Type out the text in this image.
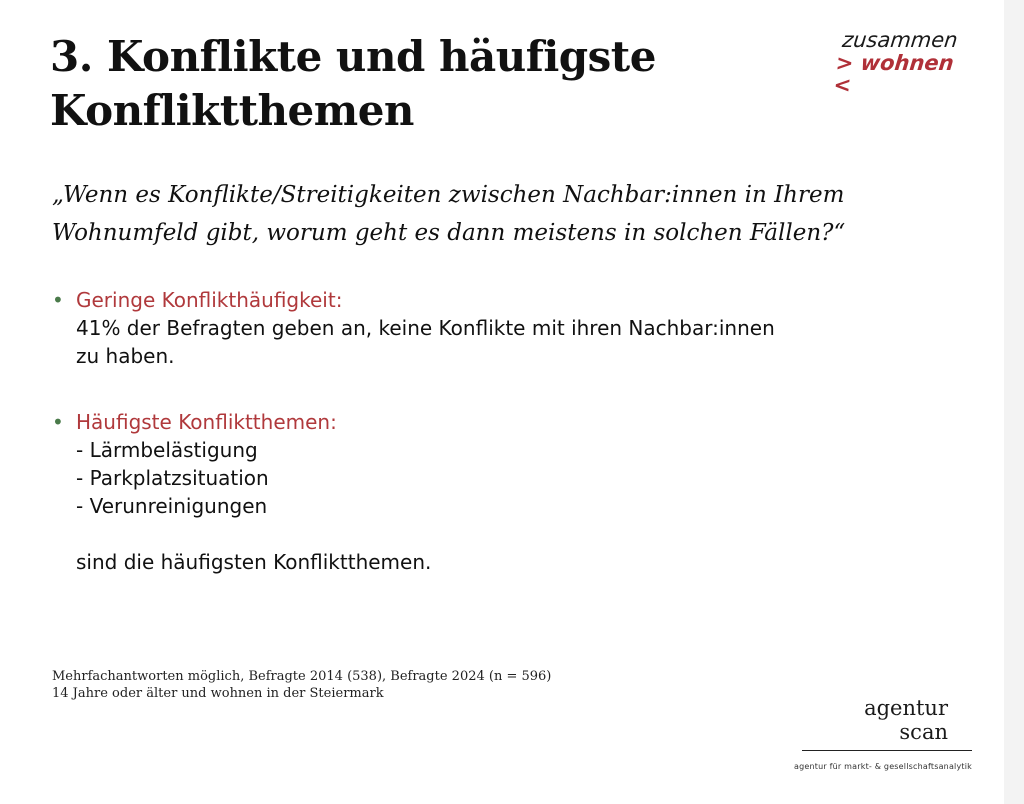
3. Konflikte und häufigste
Konfliktthemen
zusammen
> wohnen <

„Wenn es Konflikte/Streitigkeiten zwischen Nachbar:innen in Ihrem
Wohnumfeld gibt, worum geht es dann meistens in solchen Fällen?“

• Geringe Konflikthäufigkeit:
41% der Befragten geben an, keine Konflikte mit ihren Nachbar:innen
zu haben.
• Häufigste Konfliktthemen:
- Lärmbelästigung
- Parkplatzsituation
- Verunreinigungen
sind die häufigsten Konfliktthemen.
Mehrfachantworten möglich, Befragte 2014 (538), Befragte 2024 (n = 596)
14 Jahre oder älter und wohnen in der Steiermark
agentur
scan
agentur für markt- & gesellschaftsanalytik
